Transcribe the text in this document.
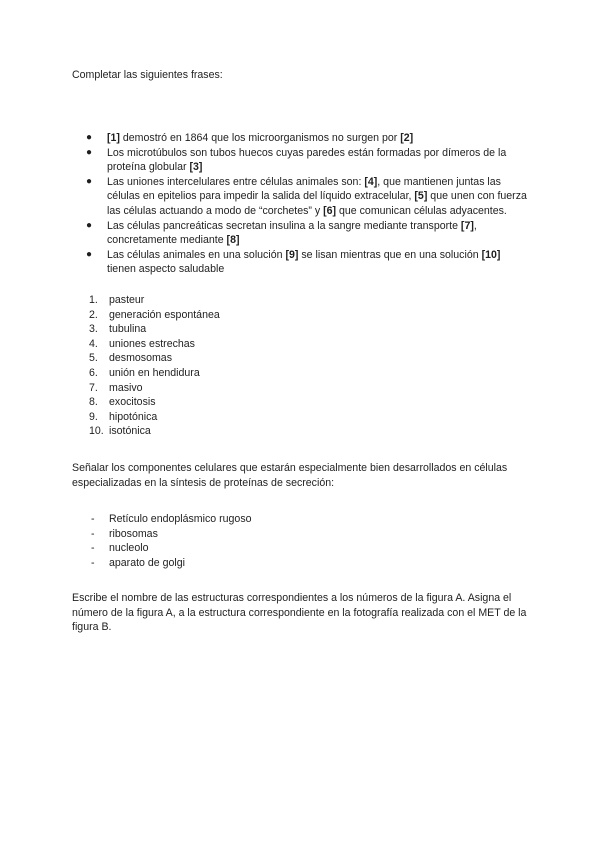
Completar las siguientes frases:

● [1] demostró en 1864 que los microorganismos no surgen por [2]
● Los microtúbulos son tubos huecos cuyas paredes están formadas por dímeros de la proteína globular [3]
● Las uniones intercelulares entre células animales son: [4], que mantienen juntas las células en epitelios para impedir la salida del líquido extracelular, [5] que unen con fuerza las células actuando a modo de “corchetes” y [6] que comunican células adyacentes.
● Las células pancreáticas secretan insulina a la sangre mediante transporte [7], concretamente mediante [8]
● Las células animales en una solución [9] se lisan mientras que en una solución [10] tienen aspecto saludable
1. pasteur
2. generación espontánea
3. tubulina
4. uniones estrechas
5. desmosomas
6. unión en hendidura
7. masivo
8. exocitosis
9. hipotónica
10. isotónica

Señalar los componentes celulares que estarán especialmente bien desarrollados en células especializadas en la síntesis de proteínas de secreción:

- Retículo endoplásmico rugoso
- ribosomas
- nucleolo
- aparato de golgi

Escribe el nombre de las estructuras correspondientes a los números de la figura A. Asigna el número de la figura A, a la estructura correspondiente en la fotografía realizada con el MET de la figura B.
